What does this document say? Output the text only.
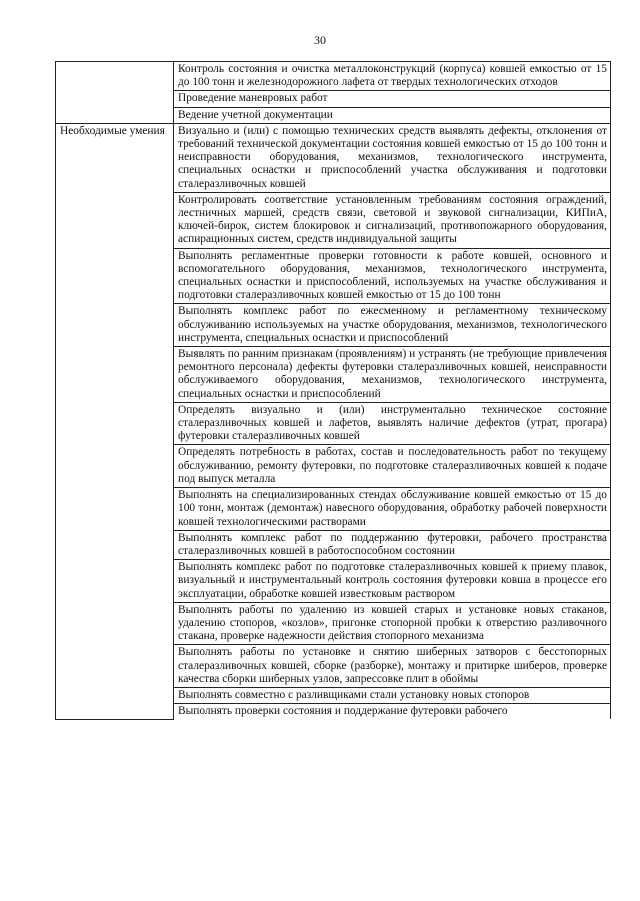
30
	Контроль состояния и очистка металлоконструкций (корпуса) ковшей емкостью от 15 до 100 тонн и железнодорожного лафета от твердых технологических отходов
	Проведение маневровых работ
	Ведение учетной документации
Необходимые умения	Визуально и (или) с помощью технических средств выявлять дефекты, отклонения от требований технической документации состояния ковшей емкостью от 15 до 100 тонн и неисправности оборудования, механизмов, технологического инструмента, специальных оснастки и приспособлений участка обслуживания и подготовки сталеразливочных ковшей
	Контролировать соответствие установленным требованиям состояния ограждений, лестничных маршей, средств связи, световой и звуковой сигнализации, КИПиА, ключей-бирок, систем блокировок и сигнализаций, противопожарного оборудования, аспирационных систем, средств индивидуальной защиты
	Выполнять регламентные проверки готовности к работе ковшей, основного и вспомогательного оборудования, механизмов, технологического инструмента, специальных оснастки и приспособлений, используемых на участке обслуживания и подготовки сталеразливочных ковшей емкостью от 15 до 100 тонн
	Выполнять комплекс работ по ежесменному и регламентному техническому обслуживанию используемых на участке оборудования, механизмов, технологического инструмента, специальных оснастки и приспособлений
	Выявлять по ранним признакам (проявлениям) и устранять (не требующие привлечения ремонтного персонала) дефекты футеровки сталеразливочных ковшей, неисправности обслуживаемого оборудования, механизмов, технологического инструмента, специальных оснастки и приспособлений
	Определять визуально и (или) инструментально техническое состояние сталеразливочных ковшей и лафетов, выявлять наличие дефектов (утрат, прогара) футеровки сталеразливочных ковшей
	Определять потребность в работах, состав и последовательность работ по текущему обслуживанию, ремонту футеровки, по подготовке сталеразливочных ковшей к подаче под выпуск металла
	Выполнять на специализированных стендах обслуживание ковшей емкостью от 15 до 100 тонн, монтаж (демонтаж) навесного оборудования, обработку рабочей поверхности ковшей технологическими растворами
	Выполнять комплекс работ по поддержанию футеровки, рабочего пространства сталеразливочных ковшей в работоспособном состоянии
	Выполнять комплекс работ по подготовке сталеразливочных ковшей к приему плавок, визуальный и инструментальный контроль состояния футеровки ковша в процессе его эксплуатации, обработке ковшей известковым раствором
	Выполнять работы по удалению из ковшей старых и установке новых стаканов, удалению стопоров, «козлов», пригонке стопорной пробки к отверстию разливочного стакана, проверке надежности действия стопорного механизма
	Выполнять работы по установке и снятию шиберных затворов с бесстопорных сталеразливочных ковшей, сборке (разборке), монтажу и притирке шиберов, проверке качества сборки шиберных узлов, запрессовке плит в обоймы
	Выполнять совместно с разливщиками стали установку новых стопоров
	Выполнять проверки состояния и поддержание футеровки рабочего
